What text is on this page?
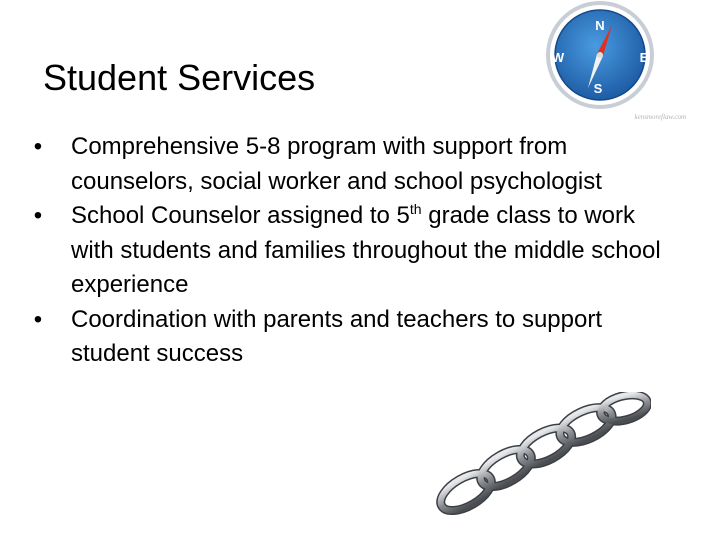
Student Services
N
S
W	E
kensmoreflaw.com
• Comprehensive 5-8 program with support from counselors, social worker and school psychologist
• School Counselor assigned to 5th grade class to work with students and families throughout the middle school experience
• Coordination with parents and teachers to support student success
